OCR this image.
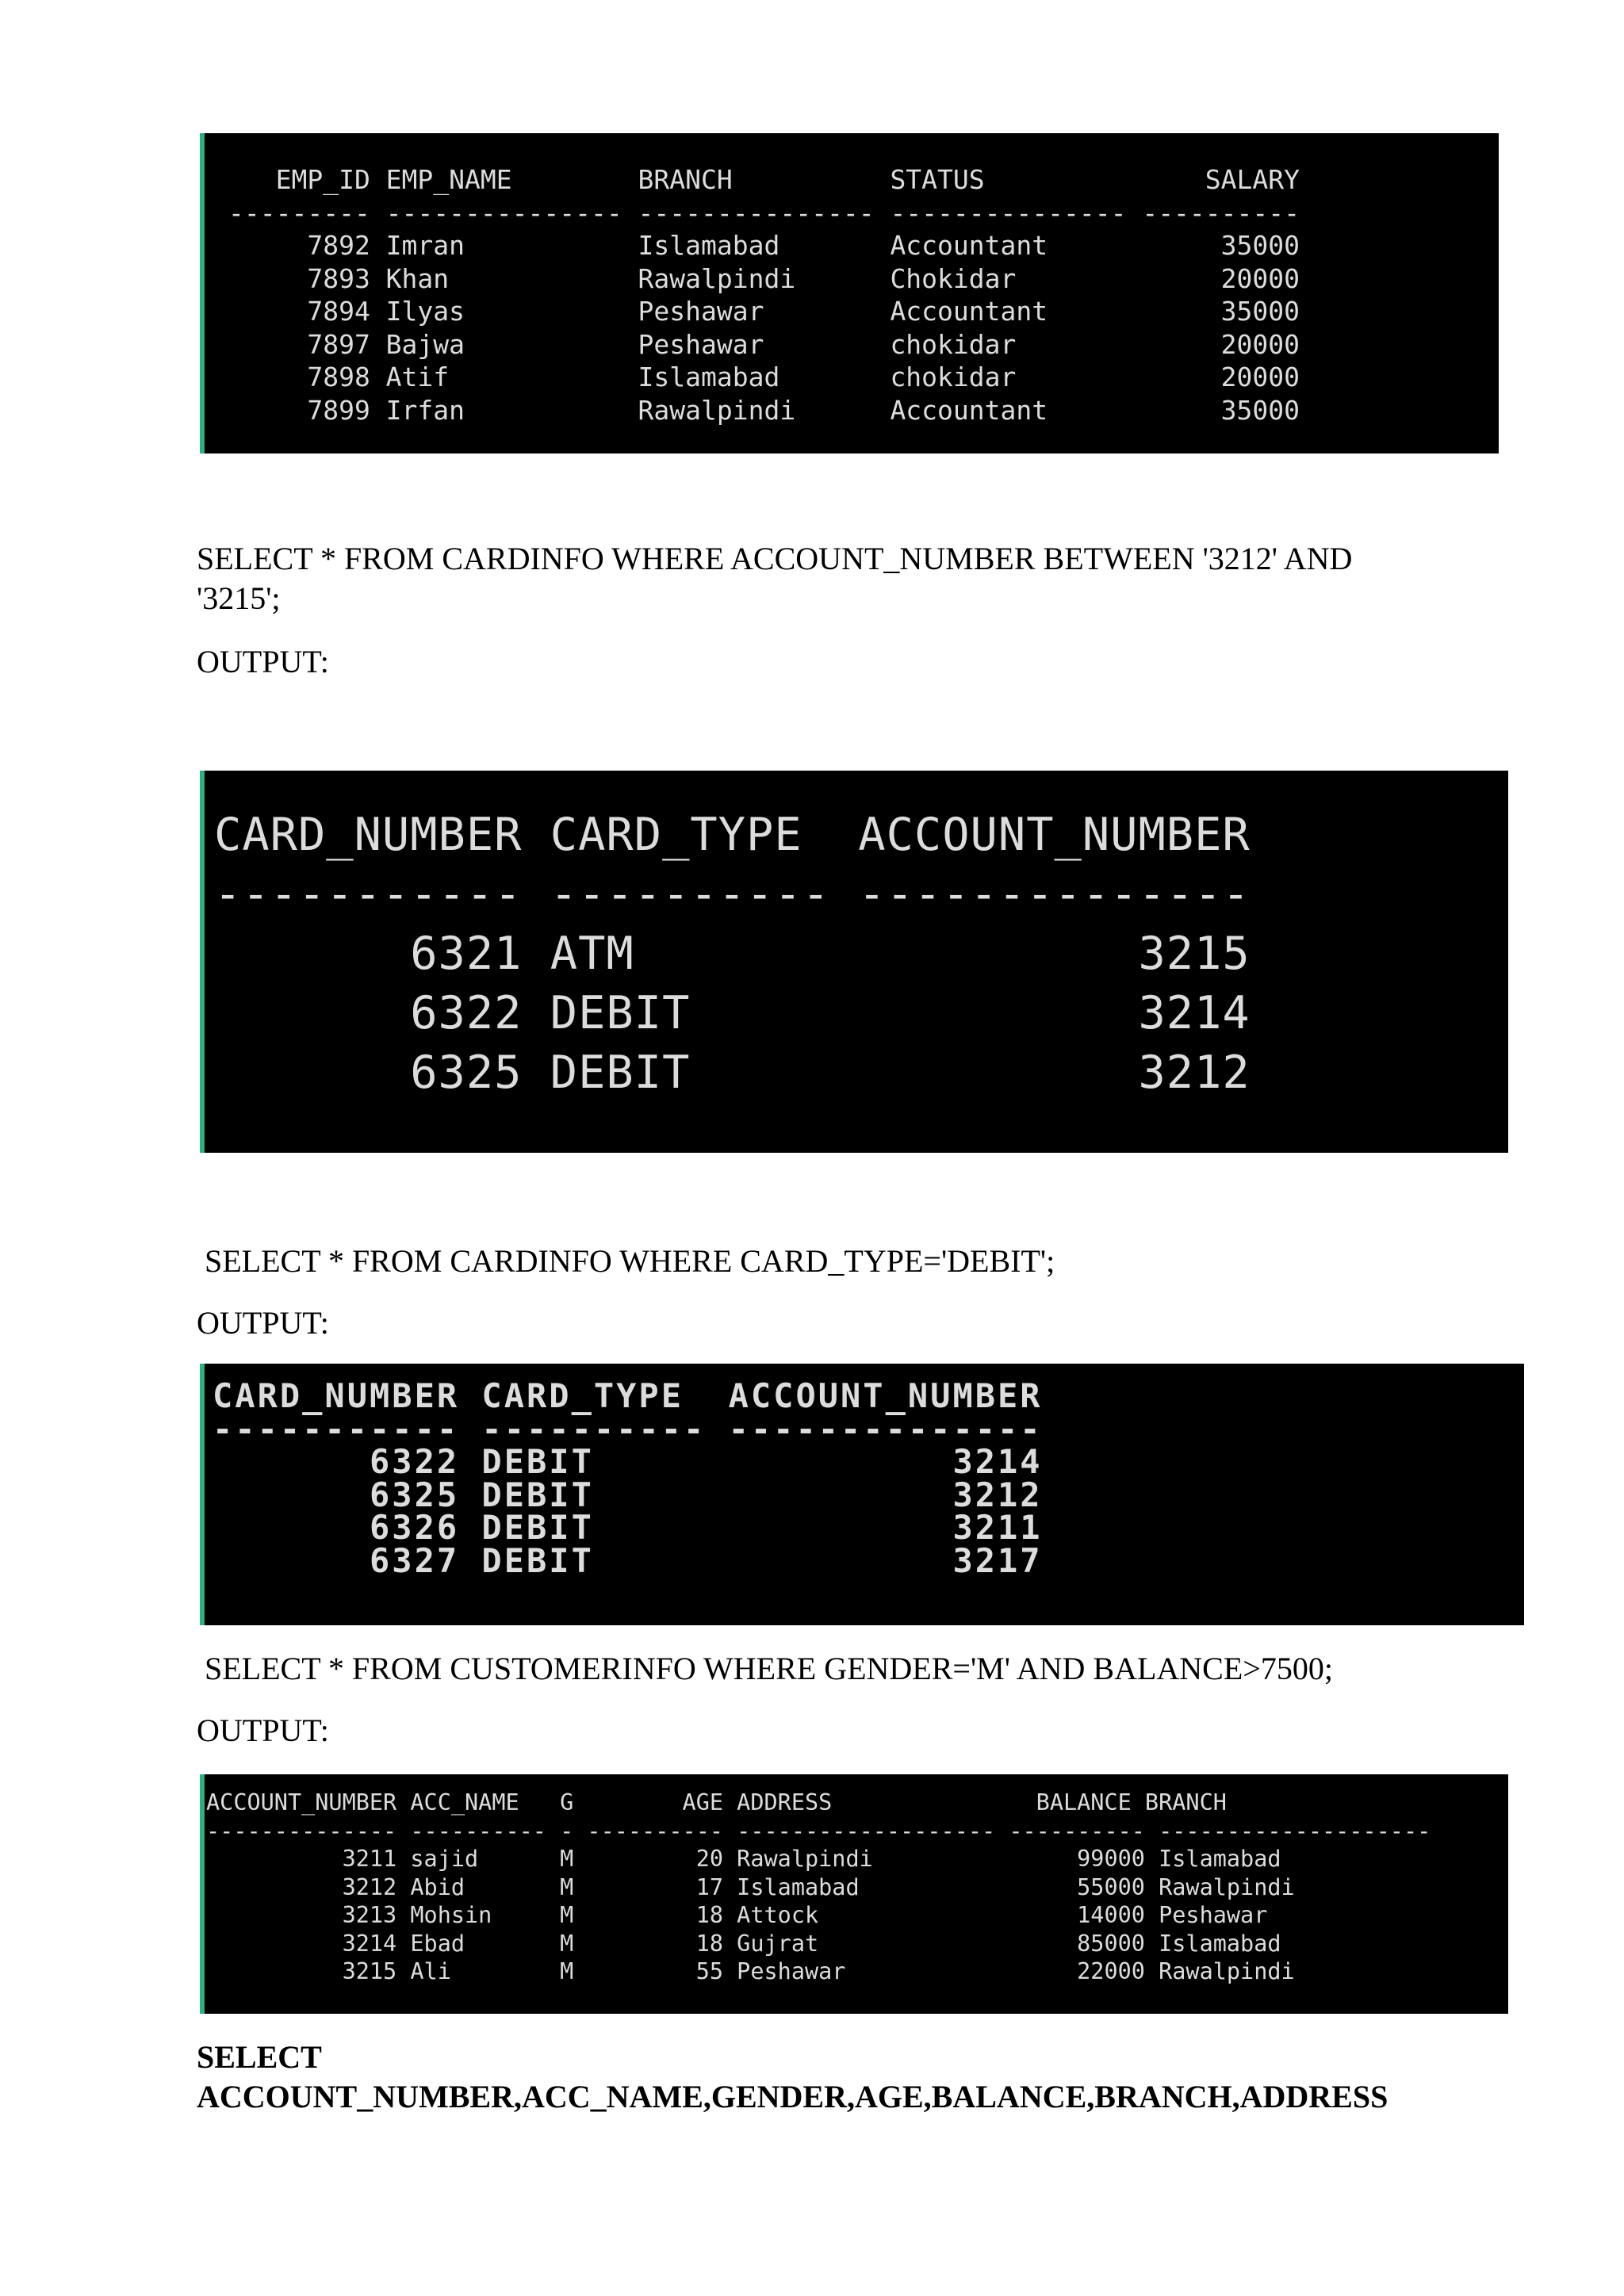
EMP_ID EMP_NAME        BRANCH          STATUS              SALARY
--------- --------------- --------------- --------------- ----------
7892 Imran           Islamabad       Accountant           35000
7893 Khan            Rawalpindi      Chokidar             20000
7894 Ilyas           Peshawar        Accountant           35000
7897 Bajwa           Peshawar        chokidar             20000
7898 Atif            Islamabad       chokidar             20000
7899 Irfan           Rawalpindi      Accountant           35000

SELECT * FROM CARDINFO WHERE ACCOUNT_NUMBER BETWEEN '3212' AND
'3215';

OUTPUT:

CARD_NUMBER CARD_TYPE  ACCOUNT_NUMBER
----------- ---------- --------------
6321 ATM                  3215
6322 DEBIT                3214
6325 DEBIT                3212

SELECT * FROM CARDINFO WHERE CARD_TYPE='DEBIT';

OUTPUT:

CARD_NUMBER CARD_TYPE  ACCOUNT_NUMBER
----------- ---------- --------------
6322 DEBIT                3214
6325 DEBIT                3212
6326 DEBIT                3211
6327 DEBIT                3217

SELECT * FROM CUSTOMERINFO WHERE GENDER='M' AND BALANCE>7500;

OUTPUT:

ACCOUNT_NUMBER ACC_NAME   G        AGE ADDRESS               BALANCE BRANCH
-------------- ---------- - ---------- ------------------- ---------- --------------------
3211 sajid      M         20 Rawalpindi               99000 Islamabad
3212 Abid       M         17 Islamabad                55000 Rawalpindi
3213 Mohsin     M         18 Attock                   14000 Peshawar
3214 Ebad       M         18 Gujrat                   85000 Islamabad
3215 Ali        M         55 Peshawar                 22000 Rawalpindi

SELECT
ACCOUNT_NUMBER,ACC_NAME,GENDER,AGE,BALANCE,BRANCH,ADDRESS
